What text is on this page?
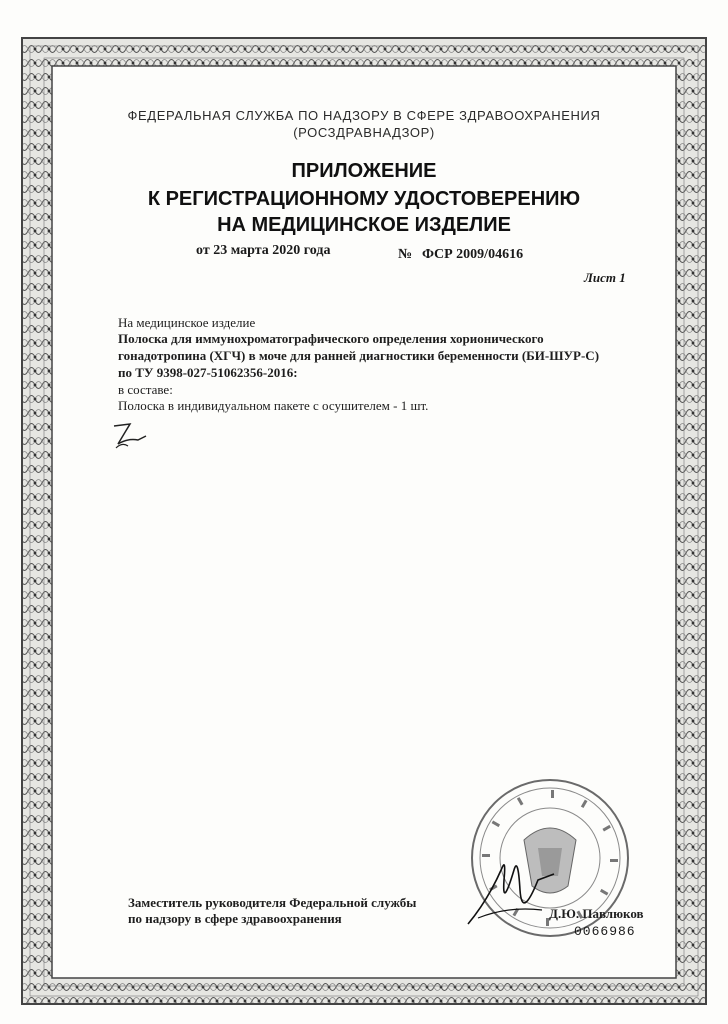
ФЕДЕРАЛЬНАЯ СЛУЖБА ПО НАДЗОРУ В СФЕРЕ ЗДРАВООХРАНЕНИЯ
(РОСЗДРАВНАДЗОР)
ПРИЛОЖЕНИЕ
К РЕГИСТРАЦИОННОМУ УДОСТОВЕРЕНИЮ
НА МЕДИЦИНСКОЕ ИЗДЕЛИЕ
от 23 марта 2020 года	№ ФСР 2009/04616
Лист 1
На медицинское изделие
Полоска для иммунохроматографического определения хорионического
гонадотропина (ХГЧ) в моче для ранней диагностики беременности (БИ-ШУР-С)
по ТУ 9398-027-51062356-2016:
в составе:
Полоска в индивидуальном пакете с осушителем - 1 шт.
Заместитель руководителя Федеральной службы
по надзору в сфере здравоохранения	Д.Ю. Павлюков
0066986
